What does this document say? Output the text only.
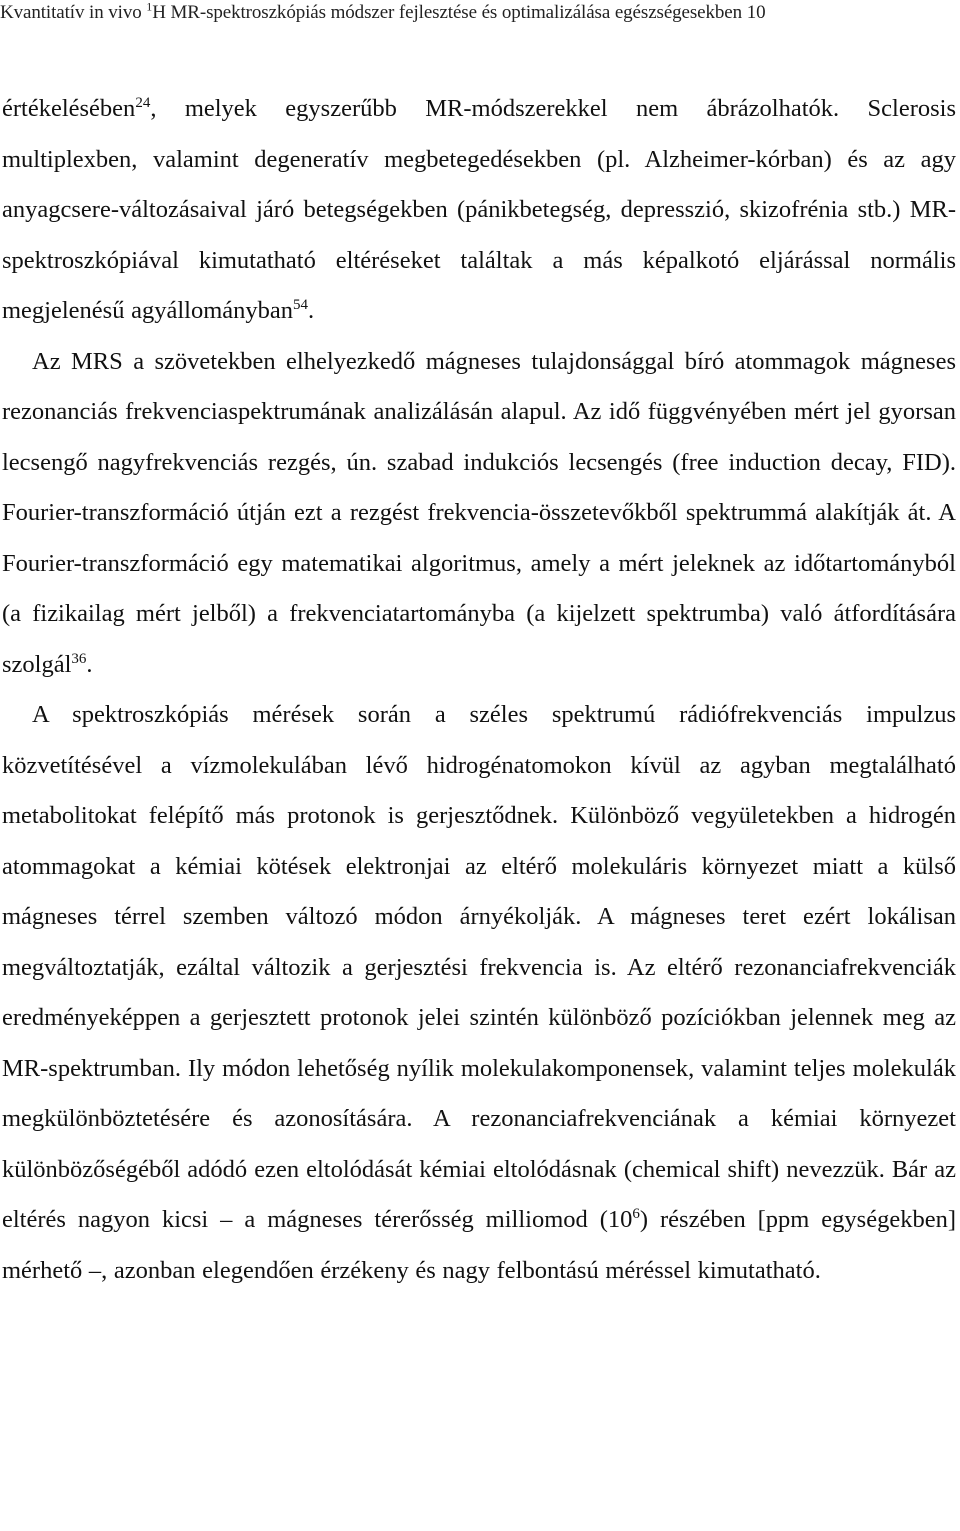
Kvantitatív in vivo $^1$H MR-spektroszkópiás módszer fejlesztése és optimalizálása egészségesekben 10

értékelésében$^{24}$, melyek egyszerűbb MR-módszerekkel nem ábrázolhatók. Sclerosis multiplexben, valamint degeneratív megbetegedésekben (pl. Alzheimer-kórban) és az agy anyagcsere-változásaival járó betegségekben (pánikbetegség, depresszió, skizofrénia stb.) MR-spektroszkópiával kimutatható eltéréseket találtak a más képalkotó eljárással normális megjelenésű agyállományban$^{54}$.

Az MRS a szövetekben elhelyezkedő mágneses tulajdonsággal bíró atommagok mágneses rezonanciás frekvenciaspektrumának analizálásán alapul. Az idő függvényében mért jel gyorsan lecsengő nagyfrekvenciás rezgés, ún. szabad indukciós lecsengés (free induction decay, FID). Fourier-transzformáció útján ezt a rezgést frekvencia-összetevőkből spektrummá alakítják át. A Fourier-transzformáció egy matematikai algoritmus, amely a mért jeleknek az időtartományból (a fizikailag mért jelből) a frekvenciatartományba (a kijelzett spektrumba) való átfordítására szolgál$^{36}$.

A spektroszkópiás mérések során a széles spektrumú rádiófrekvenciás impulzus közvetítésével a vízmolekulában lévő hidrogénatomokon kívül az agyban megtalálható metabolitokat felépítő más protonok is gerjesztődnek. Különböző vegyületekben a hidrogén atommagokat a kémiai kötések elektronjai az eltérő molekuláris környezet miatt a külső mágneses térrel szemben változó módon árnyékolják. A mágneses teret ezért lokálisan megváltoztatják, ezáltal változik a gerjesztési frekvencia is. Az eltérő rezonanciafrekvenciák eredményeképpen a gerjesztett protonok jelei szintén különböző pozíciókban jelennek meg az MR-spektrumban. Ily módon lehetőség nyílik molekulakomponensek, valamint teljes molekulák megkülönböztetésére és azonosítására. A rezonanciafrekvenciának a kémiai környezet különbözőségéből adódó ezen eltolódását kémiai eltolódásnak (chemical shift) nevezzük. Bár az eltérés nagyon kicsi – a mágneses térerősség milliomod $(10^6)$ részében [ppm egységekben] mérhető –, azonban elegendően érzékeny és nagy felbontású méréssel kimutatható.
